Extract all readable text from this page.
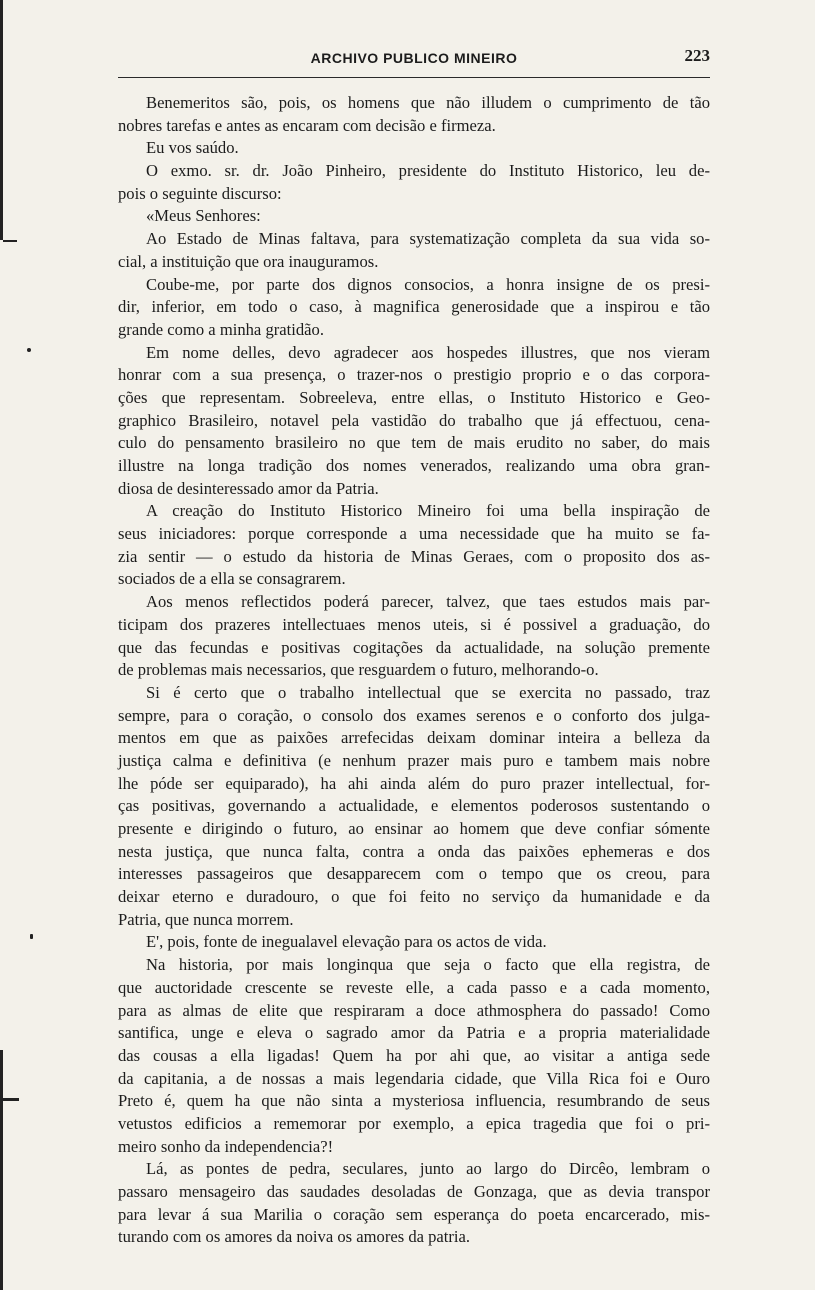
ARCHIVO PUBLICO MINEIRO	223
Benemeritos são, pois, os homens que não illudem o cumprimento de tão
nobres tarefas e antes as encaram com decisão e firmeza.
Eu vos saúdo.
O exmo. sr. dr. João Pinheiro, presidente do Instituto Historico, leu de-
pois o seguinte discurso:
«Meus Senhores:
Ao Estado de Minas faltava, para systematização completa da sua vida so-
cial, a instituição que ora inauguramos.
Coube-me, por parte dos dignos consocios, a honra insigne de os presi-
dir, inferior, em todo o caso, à magnifica generosidade que a inspirou e tão
grande como a minha gratidão.
Em nome delles, devo agradecer aos hospedes illustres, que nos vieram
honrar com a sua presença, o trazer-nos o prestigio proprio e o das corpora-
ções que representam. Sobreeleva, entre ellas, o Instituto Historico e Geo-
graphico Brasileiro, notavel pela vastidão do trabalho que já effectuou, cena-
culo do pensamento brasileiro no que tem de mais erudito no saber, do mais
illustre na longa tradição dos nomes venerados, realizando uma obra gran-
diosa de desinteressado amor da Patria.
A creação do Instituto Historico Mineiro foi uma bella inspiração de
seus iniciadores: porque corresponde a uma necessidade que ha muito se fa-
zia sentir — o estudo da historia de Minas Geraes, com o proposito dos as-
sociados de a ella se consagrarem.
Aos menos reflectidos poderá parecer, talvez, que taes estudos mais par-
ticipam dos prazeres intellectuaes menos uteis, si é possivel a graduação, do
que das fecundas e positivas cogitações da actualidade, na solução premente
de problemas mais necessarios, que resguardem o futuro, melhorando-o.
Si é certo que o trabalho intellectual que se exercita no passado, traz
sempre, para o coração, o consolo dos exames serenos e o conforto dos julga-
mentos em que as paixões arrefecidas deixam dominar inteira a belleza da
justiça calma e definitiva (e nenhum prazer mais puro e tambem mais nobre
lhe póde ser equiparado), ha ahi ainda além do puro prazer intellectual, for-
ças positivas, governando a actualidade, e elementos poderosos sustentando o
presente e dirigindo o futuro, ao ensinar ao homem que deve confiar sómente
nesta justiça, que nunca falta, contra a onda das paixões ephemeras e dos
interesses passageiros que desapparecem com o tempo que os creou, para
deixar eterno e duradouro, o que foi feito no serviço da humanidade e da
Patria, que nunca morrem.
E', pois, fonte de inegualavel elevação para os actos de vida.
Na historia, por mais longinqua que seja o facto que ella registra, de
que auctoridade crescente se reveste elle, a cada passo e a cada momento,
para as almas de elite que respiraram a doce athmosphera do passado! Como
santifica, unge e eleva o sagrado amor da Patria e a propria materialidade
das cousas a ella ligadas! Quem ha por ahi que, ao visitar a antiga sede
da capitania, a de nossas a mais legendaria cidade, que Villa Rica foi e Ouro
Preto é, quem ha que não sinta a mysteriosa influencia, resumbrando de seus
vetustos edificios a rememorar por exemplo, a epica tragedia que foi o pri-
meiro sonho da independencia?!
Lá, as pontes de pedra, seculares, junto ao largo do Dircêo, lembram o
passaro mensageiro das saudades desoladas de Gonzaga, que as devia transpor
para levar á sua Marilia o coração sem esperança do poeta encarcerado, mis-
turando com os amores da noiva os amores da patria.
